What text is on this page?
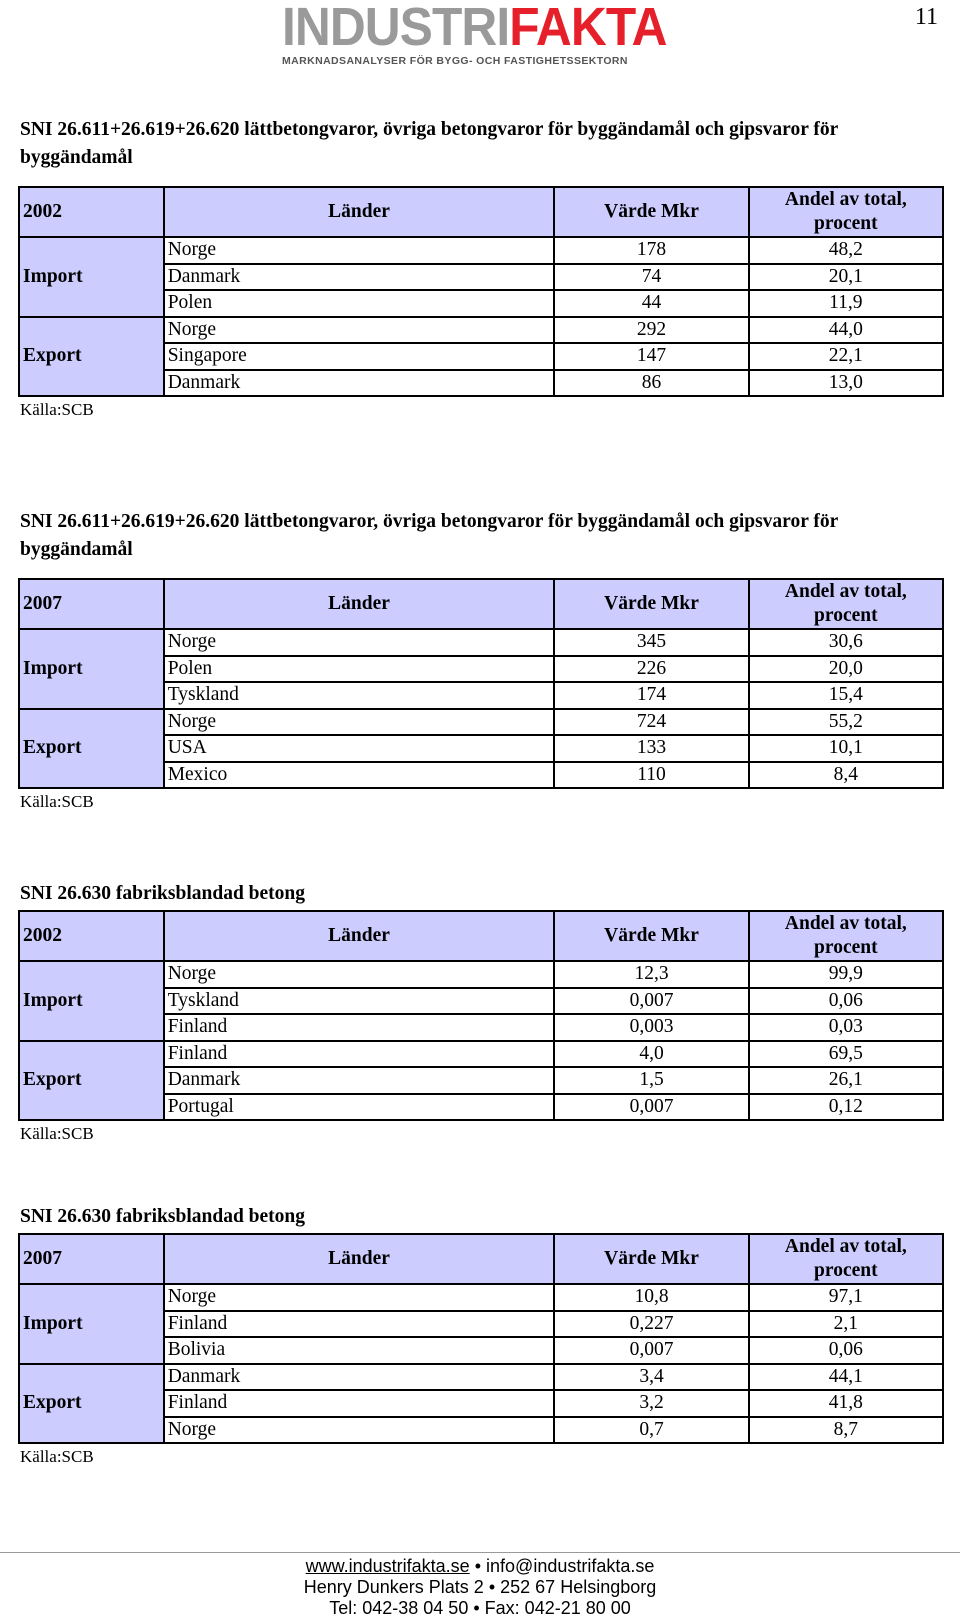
11
INDUSTRIFAKTA
MARKNADSANALYSER FÖR BYGG- OCH FASTIGHETSSEKTORN
SNI 26.611+26.619+26.620 lättbetongvaror, övriga betongvaror för byggändamål och gipsvaror för byggändamål
2002	Länder	Värde Mkr	Andel av total, procent
Import	Norge	178	48,2
	Danmark	74	20,1
	Polen	44	11,9
Export	Norge	292	44,0
	Singapore	147	22,1
	Danmark	86	13,0
Källa:SCB
SNI 26.611+26.619+26.620 lättbetongvaror, övriga betongvaror för byggändamål och gipsvaror för byggändamål
2007	Länder	Värde Mkr	Andel av total, procent
Import	Norge	345	30,6
	Polen	226	20,0
	Tyskland	174	15,4
Export	Norge	724	55,2
	USA	133	10,1
	Mexico	110	8,4
Källa:SCB
SNI 26.630 fabriksblandad betong
2002	Länder	Värde Mkr	Andel av total, procent
Import	Norge	12,3	99,9
	Tyskland	0,007	0,06
	Finland	0,003	0,03
Export	Finland	4,0	69,5
	Danmark	1,5	26,1
	Portugal	0,007	0,12
Källa:SCB
SNI 26.630 fabriksblandad betong
2007	Länder	Värde Mkr	Andel av total, procent
Import	Norge	10,8	97,1
	Finland	0,227	2,1
	Bolivia	0,007	0,06
Export	Danmark	3,4	44,1
	Finland	3,2	41,8
	Norge	0,7	8,7
Källa:SCB
www.industrifakta.se • info@industrifakta.se
Henry Dunkers Plats 2 • 252 67 Helsingborg
Tel: 042-38 04 50 • Fax: 042-21 80 00
